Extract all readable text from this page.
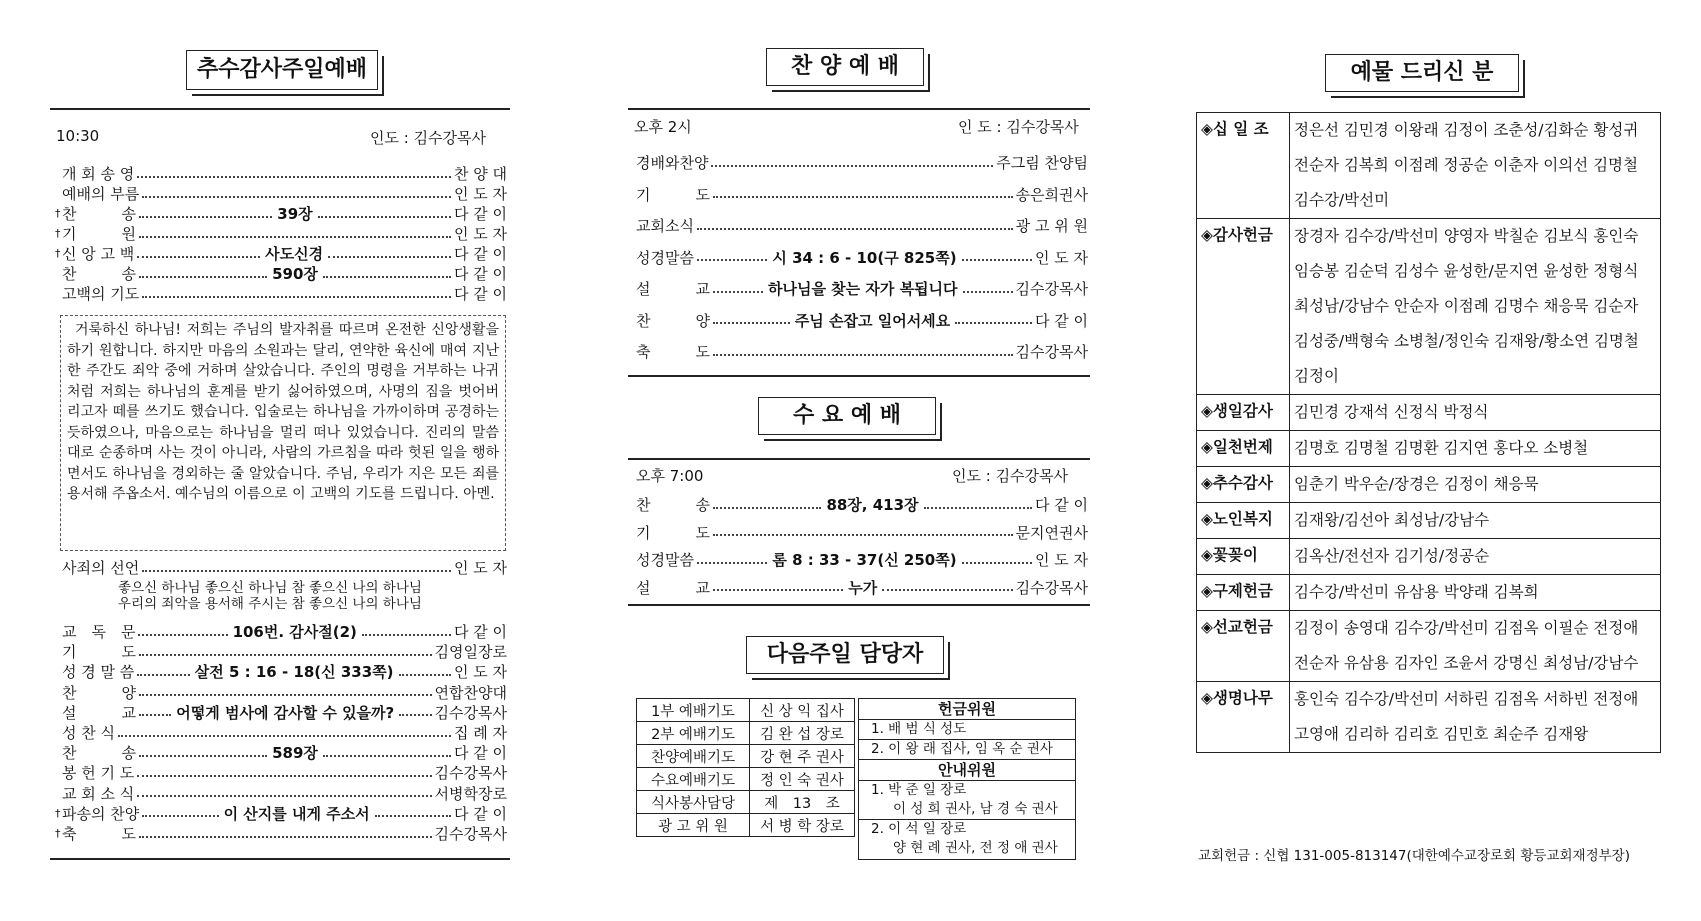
추수감사주일예배
10:30	인도 : 김수강목사
개 회 송 영	찬 양 대
예배의 부름	인 도 자
† 찬　　　송	39장	다 같 이
† 기　　　원	인 도 자
† 신 앙 고 백	사도신경	다 같 이
찬　　　송	590장	다 같 이
고백의 기도	다 같 이

거룩하신 하나님! 저희는 주님의 발자취를 따르며 온전한 신앙생활을 하기 원합니다. 하지만 마음의 소원과는 달리, 연약한 육신에 매여 지난 한 주간도 죄악 중에 거하며 살았습니다. 주인의 명령을 거부하는 나귀처럼 저희는 하나님의 훈계를 받기 싫어하였으며, 사명의 짐을 벗어버리고자 떼를 쓰기도 했습니다. 입술로는 하나님을 가까이하며 공경하는 듯하였으나, 마음으로는 하나님을 멀리 떠나 있었습니다. 진리의 말씀대로 순종하며 사는 것이 아니라, 사람의 가르침을 따라 헛된 일을 행하면서도 하나님을 경외하는 줄 알았습니다. 주님, 우리가 지은 모든 죄를 용서해 주옵소서. 예수님의 이름으로 이 고백의 기도를 드립니다. 아멘.

사죄의 선언	인 도 자
좋으신 하나님 좋으신 하나님 참 좋으신 나의 하나님
우리의 죄악을 용서해 주시는 참 좋으신 나의 하나님
교　독　문	106번. 감사절(2)	다 같 이
기　　　도	김영일장로
성 경 말 씀	살전 5 : 16 - 18(신 333쪽)	인 도 자
찬　　　양	연합찬양대
설　　　교	어떻게 범사에 감사할 수 있을까?	김수강목사
성 찬 식	집 례 자
찬　　　송	589장	다 같 이
봉 헌 기 도	김수강목사
교 회 소 식	서병학장로
† 파송의 찬양	이 산지를 내게 주소서	다 같 이
† 축　　　도	김수강목사
찬 양 예 배
오후 2시	인 도 : 김수강목사
경배와찬양	주그림 찬양팀
기　　　도	송은희권사
교회소식	광 고 위 원
성경말씀	시 34 : 6 - 10(구 825쪽)	인 도 자
설　　　교	하나님을 찾는 자가 복됩니다	김수강목사
찬　　　양	주님 손잡고 일어서세요	다 같 이
축　　　도	김수강목사
수 요 예 배
오후 7:00	인도 : 김수강목사
찬　　　송	88장, 413장	다 같 이
기　　　도	문지연권사
성경말씀	롬 8 : 33 - 37(신 250쪽)	인 도 자
설　　　교	누가	김수강목사
다음주일 담당자
1부 예배기도	신 상 익 집사
2부 예배기도	김 완 섭 장로
찬양예배기도	강 현 주 권사
수요예배기도	정 인 숙 권사
식사봉사담당	제　13　조
광 고 위 원	서 병 학 장로
헌금위원
1. 배 범 식 성도
2. 이 왕 래 집사, 임 옥 순 권사
안내위원
1. 박 준 일 장로
이 성 희 권사, 남 경 숙 권사
2. 이 석 일 장로
양 현 례 권사, 전 정 애 권사
예물 드리신 분
◈십 일 조	정은선 김민경 이왕래 김정이 조춘성/김화순 황성귀 전순자 김복희 이점례 정공순 이춘자 이의선 김명철 김수강/박선미
◈감사헌금	장경자 김수강/박선미 양영자 박칠순 김보식 홍인숙 임승봉 김순덕 김성수 윤성한/문지연 윤성한 정형식 최성남/강남수 안순자 이점례 김명수 채응묵 김순자 김성중/백형숙 소병철/정인숙 김재왕/황소연 김명철 김정이
◈생일감사	김민경 강재석 신정식 박정식
◈일천번제	김명호 김명철 김명환 김지연 홍다오 소병철
◈추수감사	임춘기 박우순/장경은 김정이 채응묵
◈노인복지	김재왕/김선아 최성남/강남수
◈꽃꽂이	김옥산/전선자 김기성/정공순
◈구제헌금	김수강/박선미 유삼용 박양래 김복희
◈선교헌금	김정이 송영대 김수강/박선미 김점옥 이필순 전정애 전순자 유삼용 김자인 조윤서 강명신 최성남/강남수
◈생명나무	홍인숙 김수강/박선미 서하린 김점옥 서하빈 전정애 고영애 김리하 김리호 김민호 최순주 김재왕
교회헌금 : 신협 131-005-813147(대한예수교장로회 황등교회재정부장)
